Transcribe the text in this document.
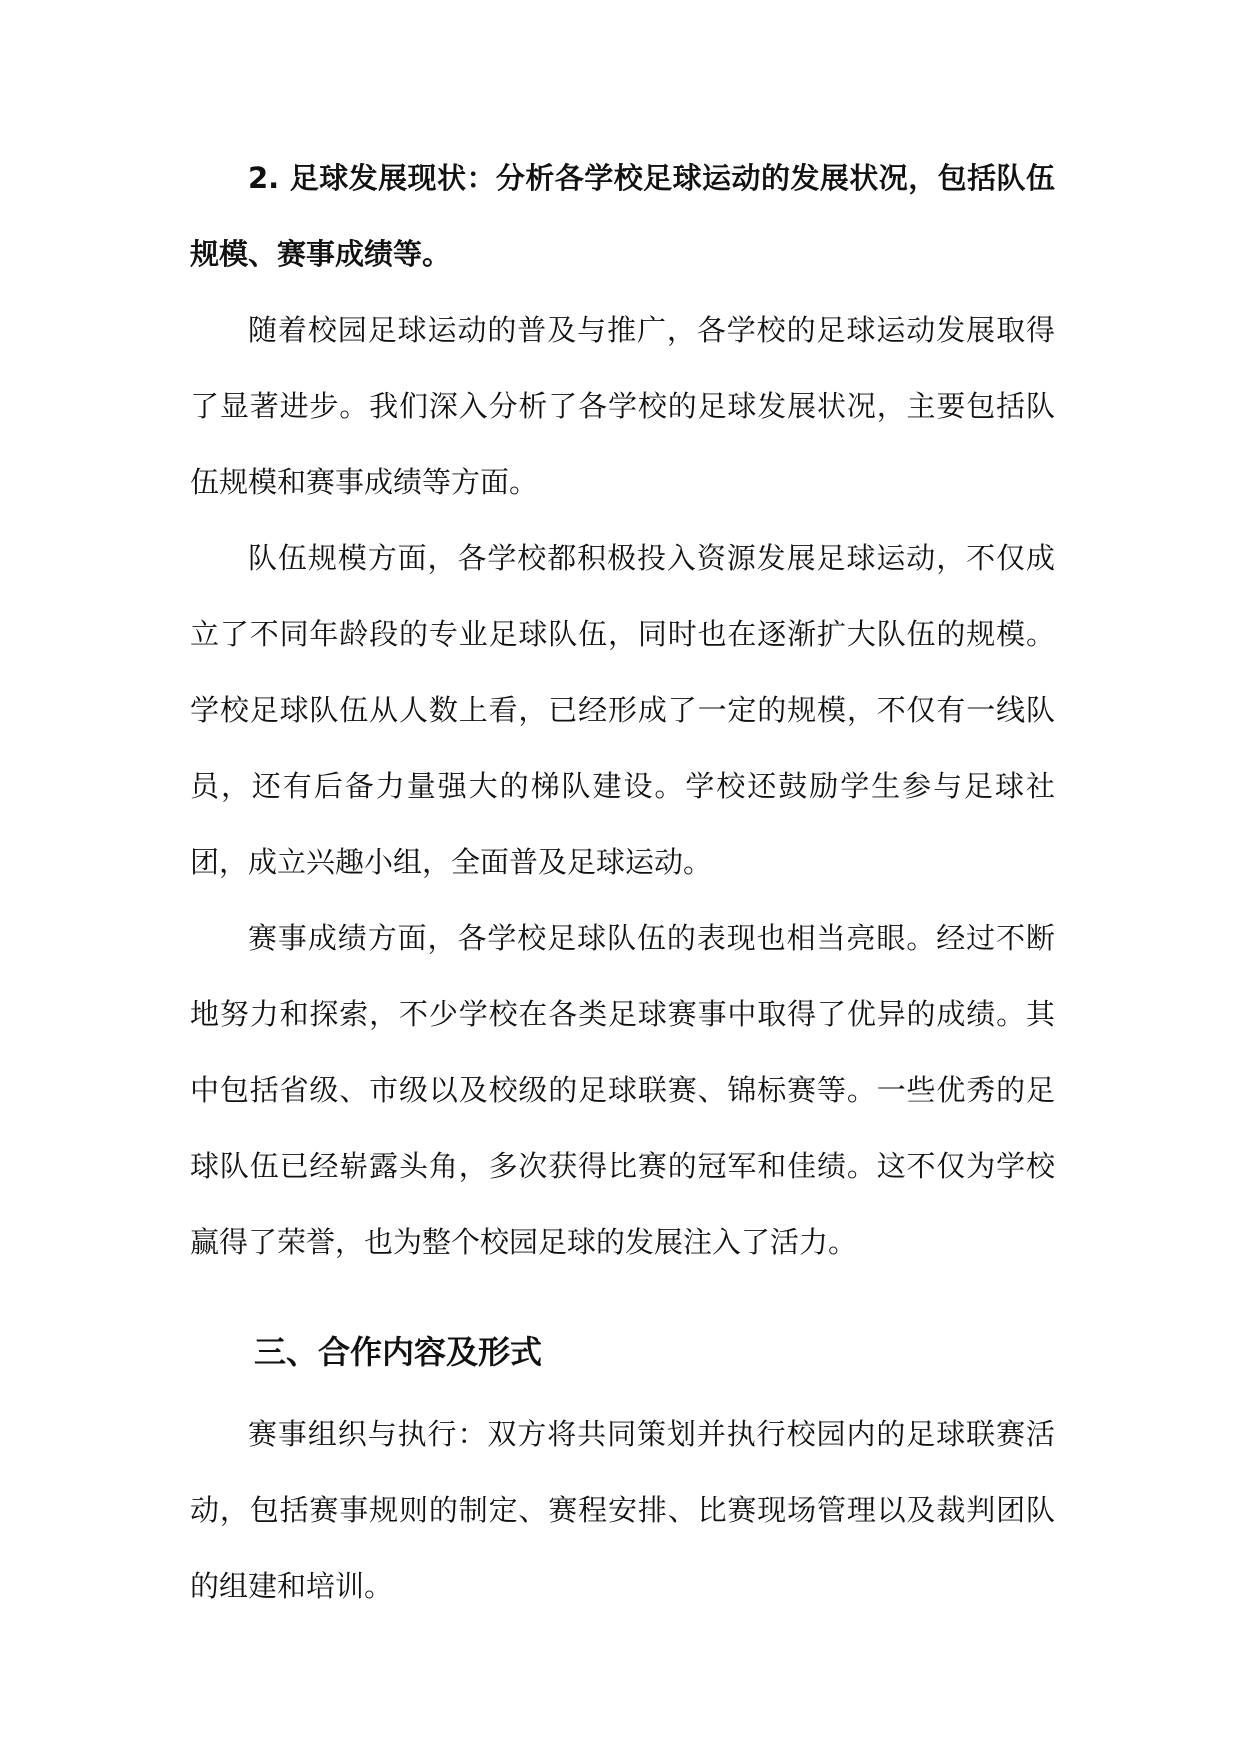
2. 足球发展现状：分析各学校足球运动的发展状况，包括队伍规模、赛事成绩等。

随着校园足球运动的普及与推广，各学校的足球运动发展取得了显著进步。我们深入分析了各学校的足球发展状况，主要包括队伍规模和赛事成绩等方面。

队伍规模方面，各学校都积极投入资源发展足球运动，不仅成立了不同年龄段的专业足球队伍，同时也在逐渐扩大队伍的规模。学校足球队伍从人数上看，已经形成了一定的规模，不仅有一线队员，还有后备力量强大的梯队建设。学校还鼓励学生参与足球社团，成立兴趣小组，全面普及足球运动。

赛事成绩方面，各学校足球队伍的表现也相当亮眼。经过不断地努力和探索，不少学校在各类足球赛事中取得了优异的成绩。其中包括省级、市级以及校级的足球联赛、锦标赛等。一些优秀的足球队伍已经崭露头角，多次获得比赛的冠军和佳绩。这不仅为学校赢得了荣誉，也为整个校园足球的发展注入了活力。

三、合作内容及形式

赛事组织与执行：双方将共同策划并执行校园内的足球联赛活动，包括赛事规则的制定、赛程安排、比赛现场管理以及裁判团队的组建和培训。
